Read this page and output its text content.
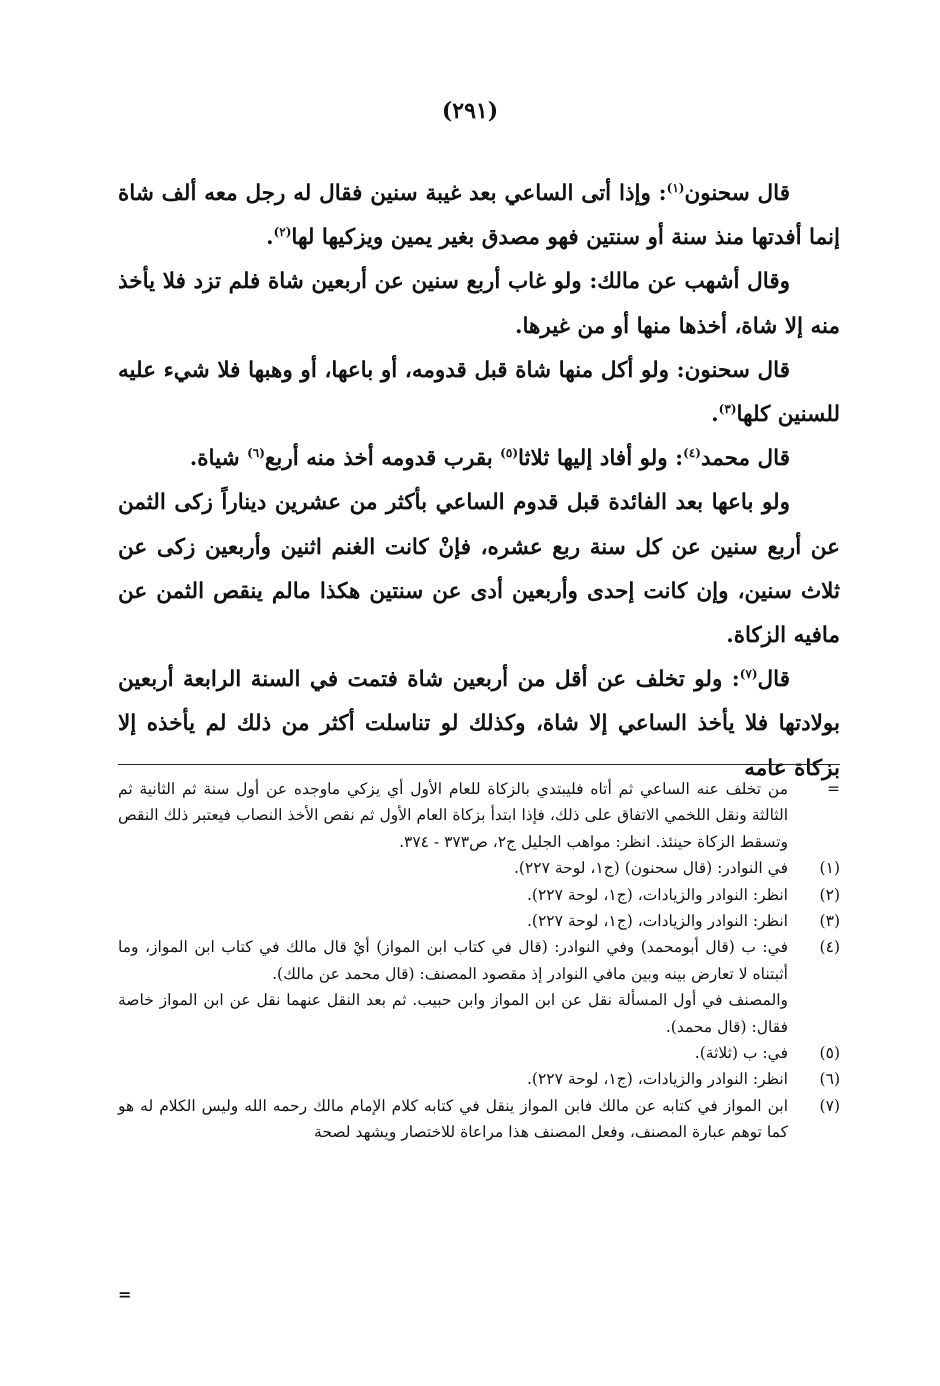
(٢٩١)

قال سحنون$^{(١)}$: وإذا أتى الساعي بعد غيبة سنين فقال له رجل معه ألف شاة إنما أفدتها منذ سنة أو سنتين فهو مصدق بغير يمين ويزكيها لها$^{(٢)}$.

وقال أشهب عن مالك: ولو غاب أربع سنين عن أربعين شاة فلم تزد فلا يأخذ منه إلا شاة، أخذها منها أو من غيرها.

قال سحنون: ولو أكل منها شاة قبل قدومه، أو باعها، أو وهبها فلا شيء عليه للسنين كلها$^{(٣)}$.

قال محمد$^{(٤)}$: ولو أفاد إليها ثلاثا$^{(٥)}$ بقرب قدومه أخذ منه أربع$^{(٦)}$ شياة.

ولو باعها بعد الفائدة قبل قدوم الساعي بأكثر من عشرين ديناراً زكى الثمن عن أربع سنين عن كل سنة ربع عشره، فإنْ كانت الغنم اثنين وأربعين زكى عن ثلاث سنين، وإن كانت إحدى وأربعين أدى عن سنتين هكذا مالم ينقص الثمن عن مافيه الزكاة.

قال$^{(٧)}$: ولو تخلف عن أقل من أربعين شاة فتمت في السنة الرابعة أربعين بولادتها فلا يأخذ الساعي إلا شاة، وكذلك لو تناسلت أكثر من ذلك لم يأخذه إلا بزكاة عامه

=
من تخلف عنه الساعي ثم أتاه فليبتدي بالزكاة للعام الأول أي يزكي ماوجده عن أول سنة ثم الثانية ثم الثالثة ونقل اللخمي الاتفاق على ذلك، فإذا ابتدأ بزكاة العام الأول ثم نقص الأخذ النصاب فيعتبر ذلك النقص وتسقط الزكاة حينئذ. انظر: مواهب الجليل ج٢، ص٣٧٣ - ٣٧٤.
(١)
في النوادر: (قال سحنون) (ج١، لوحة ٢٢٧).
(٢)
انظر: النوادر والزيادات، (ج١، لوحة ٢٢٧).
(٣)
انظر: النوادر والزيادات، (ج١، لوحة ٢٢٧).
(٤)
في: ب (قال أبومحمد) وفي النوادر: (قال في كتاب ابن المواز) أيْ قال مالك في كتاب ابن المواز، وما أثبتناه لا تعارض بينه وبين مافي النوادر إذ مقصود المصنف: (قال محمد عن مالك).
والمصنف في أول المسألة نقل عن ابن المواز وابن حبيب. ثم بعد النقل عنهما نقل عن ابن المواز خاصة فقال: (قال محمد).
(٥)
في: ب (ثلاثة).
(٦)
انظر: النوادر والزيادات، (ج١، لوحة ٢٢٧).
(٧)
ابن المواز في كتابه عن مالك فابن المواز ينقل في كتابه كلام الإمام مالك رحمه الله وليس الكلام له هو كما توهم عبارة المصنف، وفعل المصنف هذا مراعاة للاختصار ويشهد لصحة
=
